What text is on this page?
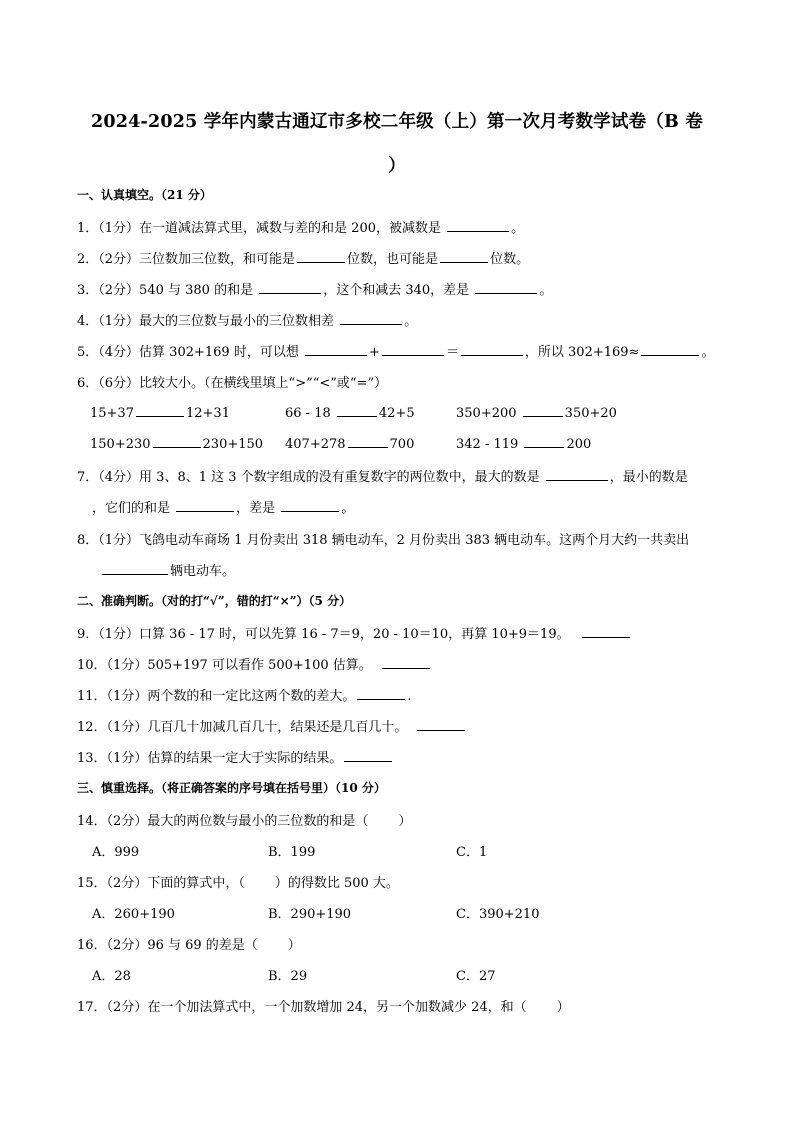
2024-2025 学年内蒙古通辽市多校二年级（上）第一次月考数学试卷（B 卷
）
一、认真填空。（21 分）
1．（1分）在一道减法算式里，减数与差的和是 200，被减数是	。
2．（2分）三位数加三位数，和可能是	位数，也可能是	位数。
3．（2分）540 与 380 的和是	，这个和减去 340，差是	。
4．（1分）最大的三位数与最小的三位数相差	。
5．（4分）估算 302+169 时，可以想	+	＝	，所以 302+169≈	。
6．（6分）比较大小。（在横线里填上“>”“<”或“=”）
15+37	12+31	66 - 18	42+5	350+200	350+20
150+230	230+150 407+278	700	342 - 119	200
7．（4分）用 3、8、1 这 3 个数字组成的没有重复数字的两位数中，最大的数是	，最小的数是
，它们的和是	，差是	。
8．（1分）飞鸽电动车商场 1 月份卖出 318 辆电动车，2 月份卖出 383 辆电动车。这两个月大约一共卖出
辆电动车。
二、准确判断。（对的打“√”，错的打“×”）（5 分）
9．（1分）口算 36 - 17 时，可以先算 16 - 7＝9，20 - 10＝10，再算 10+9＝19。
10．（1分）505+197 可以看作 500+100 估算。
11．（1分）两个数的和一定比这两个数的差大。	.
12．（1分）几百几十加减几百几十，结果还是几百几十。
13．（1分）估算的结果一定大于实际的结果。
三、慎重选择。（将正确答案的序号填在括号里）（10 分）
14．（2分）最大的两位数与最小的三位数的和是（ ）
A．999	B．199	C．1
15．（2分）下面的算式中，（ ）的得数比 500 大。
A．260+190	B．290+190	C．390+210
16．（2分）96 与 69 的差是（ ）
A．28	B．29	C．27
17．（2分）在一个加法算式中，一个加数增加 24，另一个加数减少 24，和（ ）
